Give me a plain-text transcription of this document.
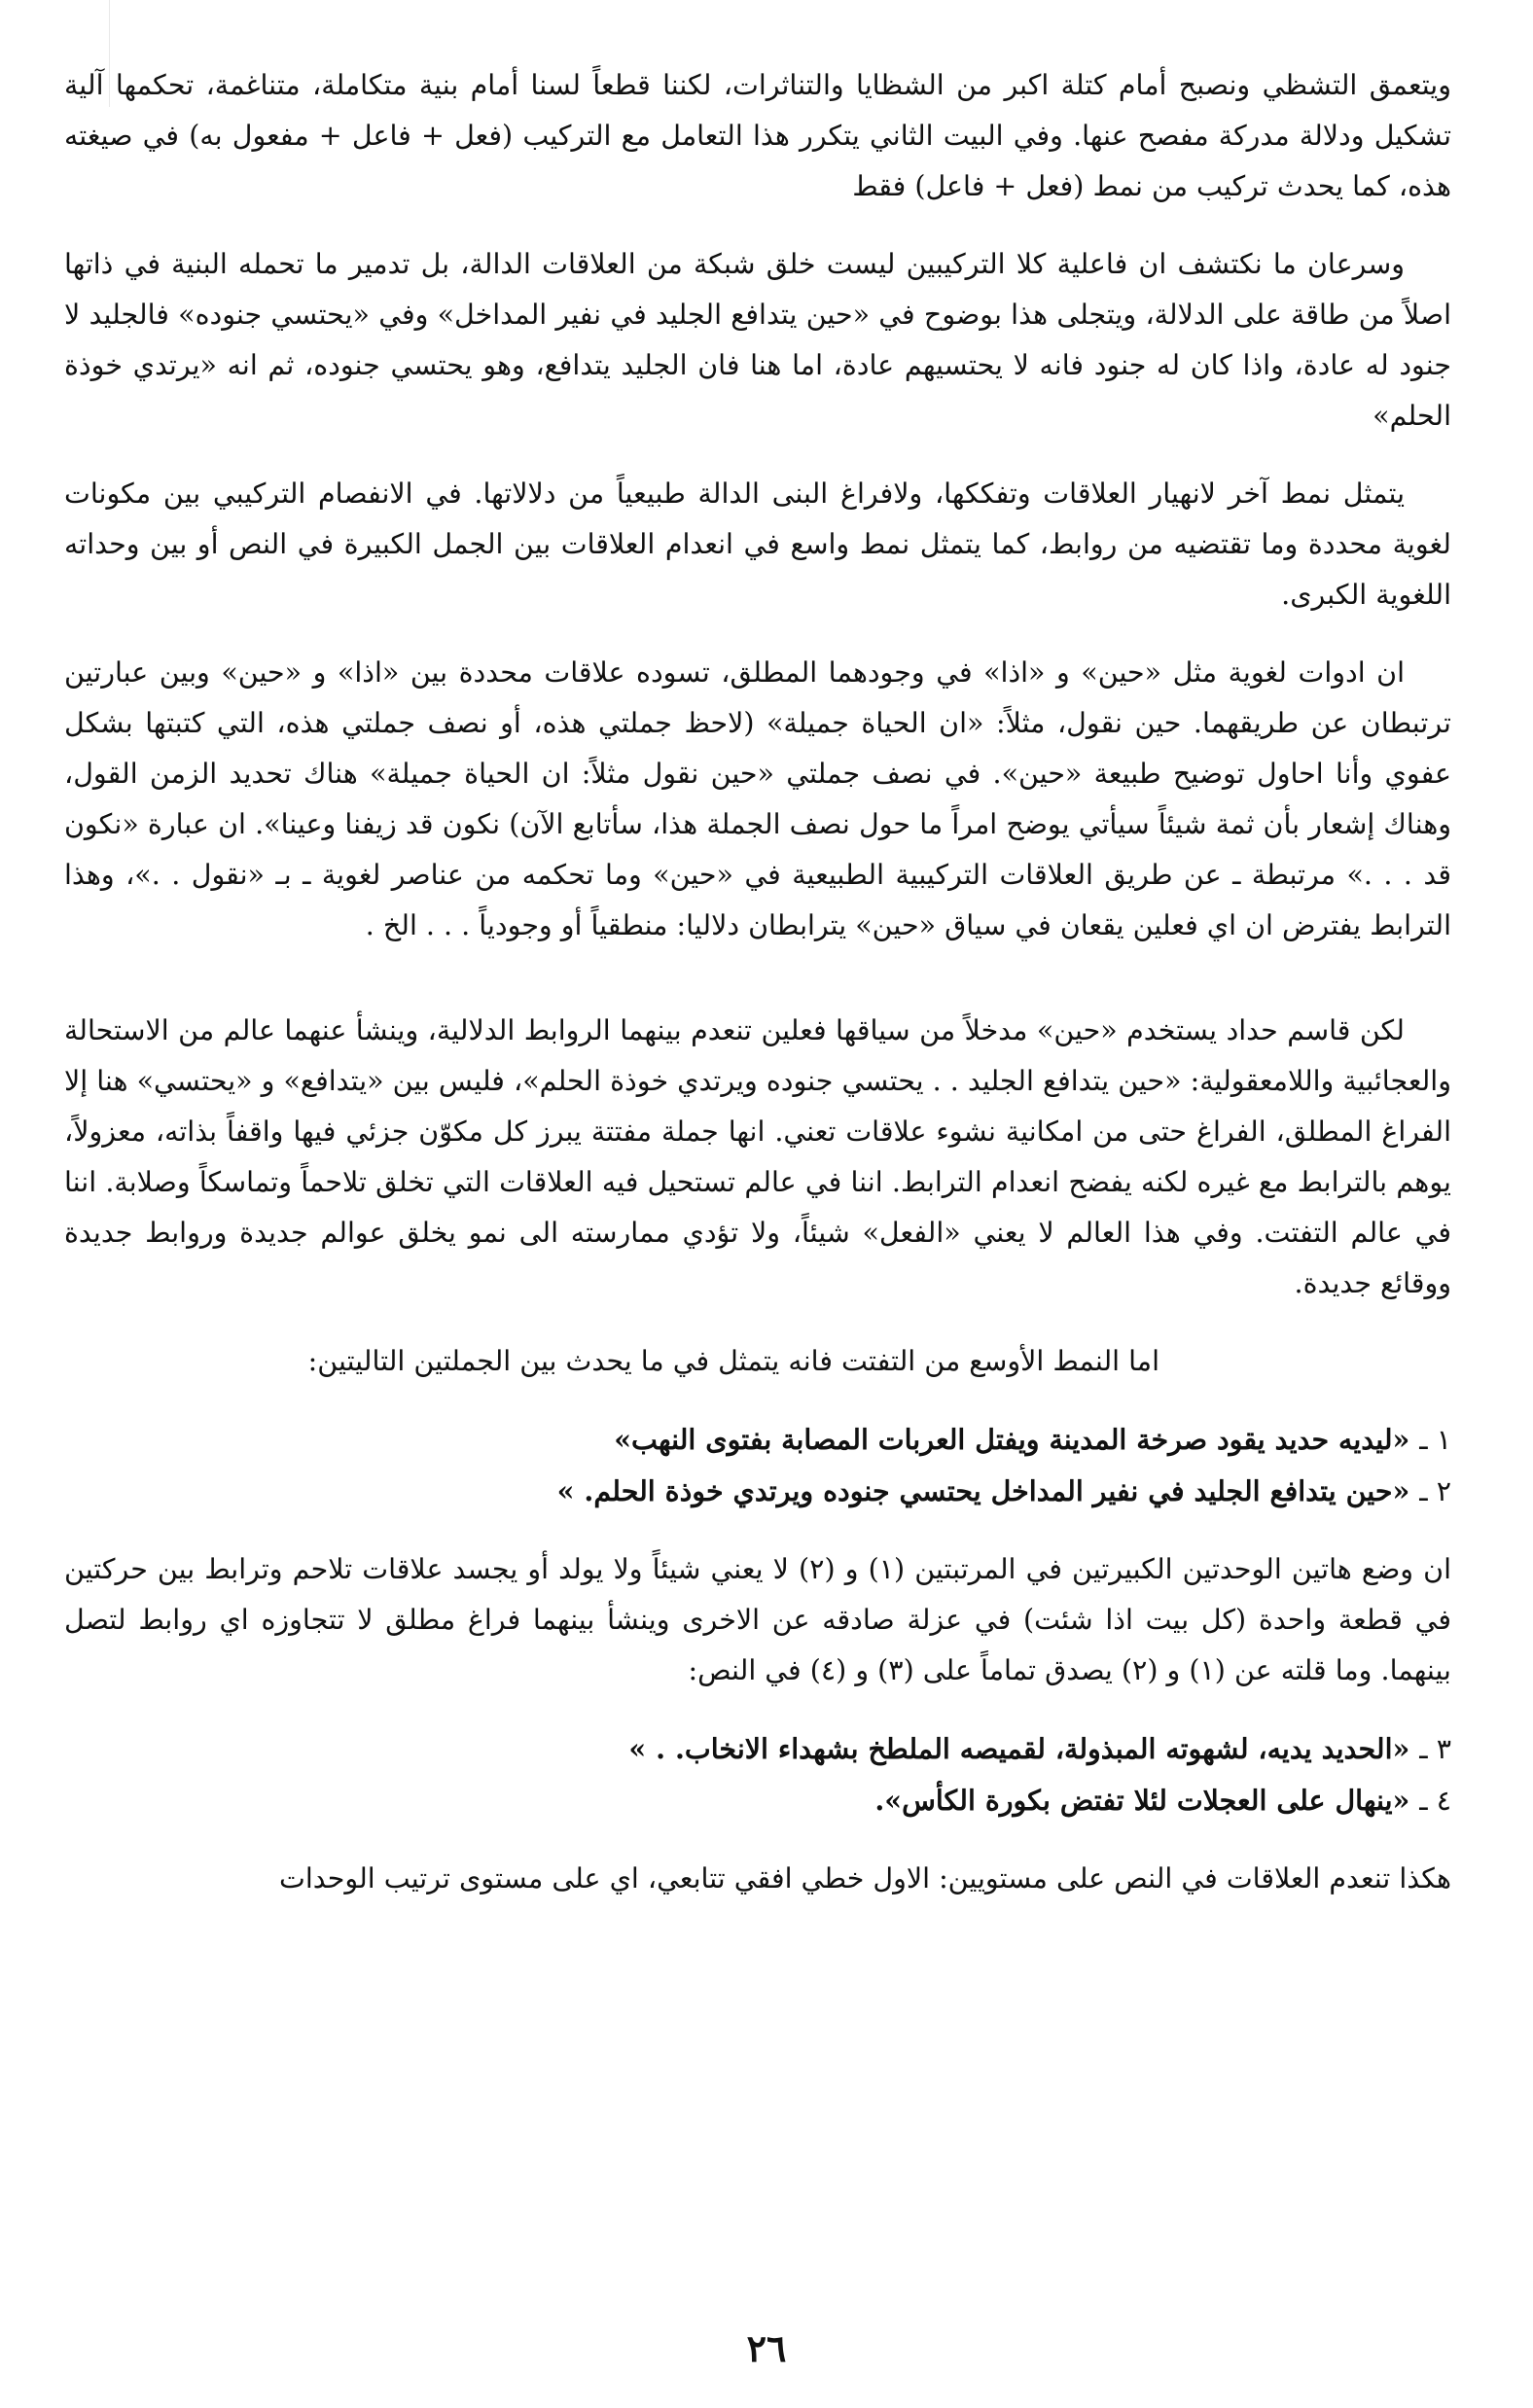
ويتعمق التشظي ونصبح أمام كتلة اكبر من الشظايا والتناثرات، لكننا قطعاً لسنا أمام بنية متكاملة، متناغمة، تحكمها آلية تشكيل ودلالة مدركة مفصح عنها. وفي البيت الثاني يتكرر هذا التعامل مع التركيب (فعل + فاعل + مفعول به) في صيغته هذه، كما يحدث تركيب من نمط (فعل + فاعل) فقط

وسرعان ما نكتشف ان فاعلية كلا التركيبين ليست خلق شبكة من العلاقات الدالة، بل تدمير ما تحمله البنية في ذاتها اصلاً من طاقة على الدلالة، ويتجلى هذا بوضوح في «حين يتدافع الجليد في نفير المداخل» وفي «يحتسي جنوده» فالجليد لا جنود له عادة، واذا كان له جنود فانه لا يحتسيهم عادة، اما هنا فان الجليد يتدافع، وهو يحتسي جنوده، ثم انه «يرتدي خوذة الحلم»

يتمثل نمط آخر لانهيار العلاقات وتفككها، ولافراغ البنى الدالة طبيعياً من دلالاتها. في الانفصام التركيبي بين مكونات لغوية محددة وما تقتضيه من روابط، كما يتمثل نمط واسع في انعدام العلاقات بين الجمل الكبيرة في النص أو بين وحداته اللغوية الكبرى.

ان ادوات لغوية مثل «حين» و «اذا» في وجودهما المطلق، تسوده علاقات محددة بين «اذا» و «حين» وبين عبارتين ترتبطان عن طريقهما. حين نقول، مثلاً: «ان الحياة جميلة» (لاحظ جملتي هذه، أو نصف جملتي هذه، التي كتبتها بشكل عفوي وأنا احاول توضيح طبيعة «حين». في نصف جملتي «حين نقول مثلاً: ان الحياة جميلة» هناك تحديد الزمن القول، وهناك إشعار بأن ثمة شيئاً سيأتي يوضح امراً ما حول نصف الجملة هذا، سأتابع الآن) نكون قد زيفنا وعينا». ان عبارة «نكون قد . . .» مرتبطة ـ عن طريق العلاقات التركيبية الطبيعية في «حين» وما تحكمه من عناصر لغوية ـ بـ «نقول . .»، وهذا الترابط يفترض ان اي فعلين يقعان في سياق «حين» يترابطان دلاليا: منطقياً أو وجودياً . . . الخ .

لكن قاسم حداد يستخدم «حين» مدخلاً من سياقها فعلين تنعدم بينهما الروابط الدلالية، وينشأ عنهما عالم من الاستحالة والعجائبية واللامعقولية: «حين يتدافع الجليد . . يحتسي جنوده ويرتدي خوذة الحلم»، فليس بين «يتدافع» و «يحتسي» هنا إلا الفراغ المطلق، الفراغ حتى من امكانية نشوء علاقات تعني. انها جملة مفتتة يبرز كل مكوّن جزئي فيها واقفاً بذاته، معزولاً، يوهم بالترابط مع غيره لكنه يفضح انعدام الترابط. اننا في عالم تستحيل فيه العلاقات التي تخلق تلاحماً وتماسكاً وصلابة. اننا في عالم التفتت. وفي هذا العالم لا يعني «الفعل» شيئاً، ولا تؤدي ممارسته الى نمو يخلق عوالم جديدة وروابط جديدة ووقائع جديدة.

اما النمط الأوسع من التفتت فانه يتمثل في ما يحدث بين الجملتين التاليتين:

١ ـ «ليديه حديد يقود صرخة المدينة ويفتل العربات المصابة بفتوى النهب»
٢ ـ «حين يتدافع الجليد في نفير المداخل يحتسي جنوده ويرتدي خوذة الحلم. »

ان وضع هاتين الوحدتين الكبيرتين في المرتبتين (١) و (٢) لا يعني شيئاً ولا يولد أو يجسد علاقات تلاحم وترابط بين حركتين في قطعة واحدة (كل بيت اذا شئت) في عزلة صادقه عن الاخرى وينشأ بينهما فراغ مطلق لا تتجاوزه اي روابط لتصل بينهما. وما قلته عن (١) و (٢) يصدق تماماً على (٣) و (٤) في النص:

٣ ـ «الحديد يديه، لشهوته المبذولة، لقميصه الملطخ بشهداء الانخاب. . »
٤ ـ «ينهال على العجلات لئلا تفتض بكورة الكأس».

هكذا تنعدم العلاقات في النص على مستويين: الاول خطي افقي تتابعي، اي على مستوى ترتيب الوحدات

٢٦
